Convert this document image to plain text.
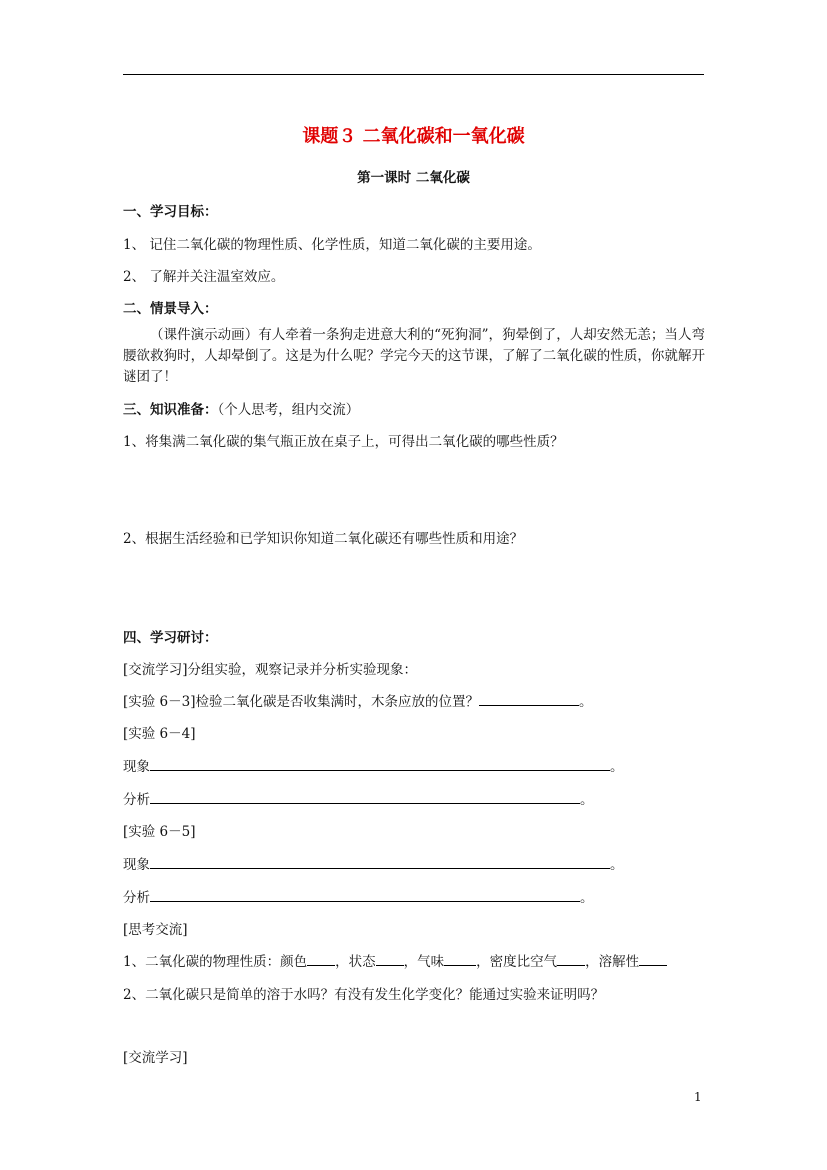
课题３ 二氧化碳和一氧化碳
第一课时 二氧化碳
一、学习目标：
1、 记住二氧化碳的物理性质、化学性质，知道二氧化碳的主要用途。
2、 了解并关注温室效应。
二、情景导入：
（课件演示动画）有人牵着一条狗走进意大利的“死狗洞”，狗晕倒了，人却安然无恙；当人弯腰欲救狗时，人却晕倒了。这是为什么呢？学完今天的这节课，了解了二氧化碳的性质，你就解开谜团了！
三、知识准备：（个人思考，组内交流）
1、将集满二氧化碳的集气瓶正放在桌子上，可得出二氧化碳的哪些性质？
2、根据生活经验和已学知识你知道二氧化碳还有哪些性质和用途？
四、学习研讨：
[交流学习]分组实验，观察记录并分析实验现象：
[实验 6－3]检验二氧化碳是否收集满时，木条应放的位置？	。
[实验 6－4]
现象	。
分析	。
[实验 6－5]
现象	。
分析	。
[思考交流]
1、二氧化碳的物理性质：颜色 ，状态 ，气味 ，密度比空气 ，溶解性
2、二氧化碳只是简单的溶于水吗？有没有发生化学变化？能通过实验来证明吗？
[交流学习]
1
